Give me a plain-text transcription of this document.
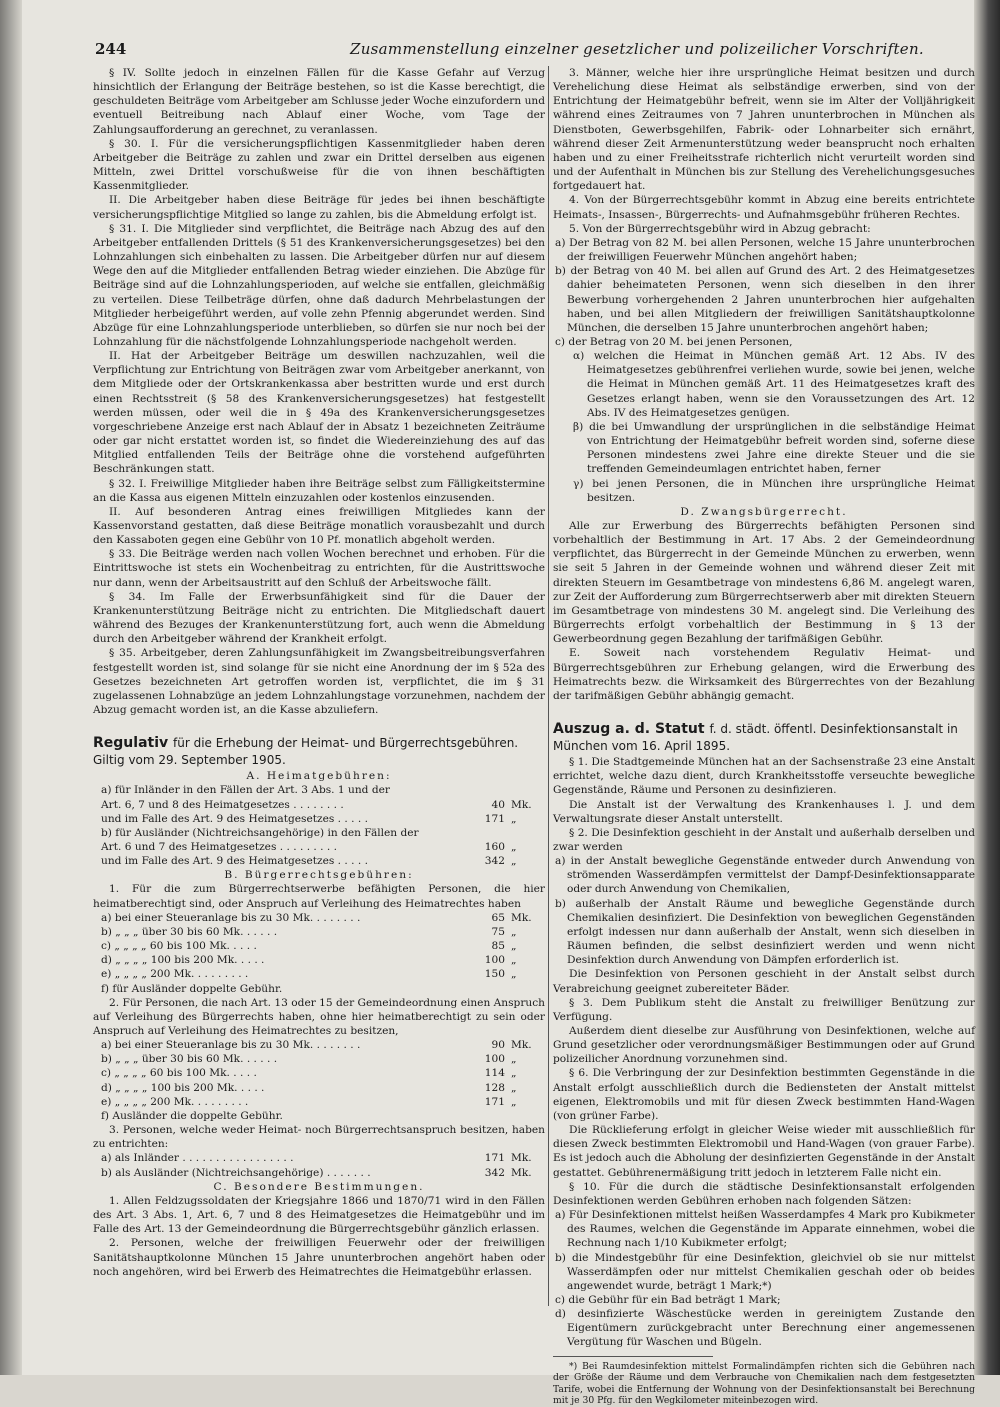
244	Zusammenstellung einzelner gesetzlicher und polizeilicher Vorschriften.

§ IV. Sollte jedoch in einzelnen Fällen für die Kasse Gefahr auf Verzug hinsichtlich der Erlangung der Beiträge bestehen, so ist die Kasse berechtigt, die geschuldeten Beiträge vom Arbeitgeber am Schlusse jeder Woche einzufordern und eventuell Beitreibung nach Ablauf einer Woche, vom Tage der Zahlungsaufforderung an gerechnet, zu veranlassen.

§ 30. I. Für die versicherungspflichtigen Kassenmitglieder haben deren Arbeitgeber die Beiträge zu zahlen und zwar ein Drittel derselben aus eigenen Mitteln, zwei Drittel vorschußweise für die von ihnen beschäftigten Kassenmitglieder.

II. Die Arbeitgeber haben diese Beiträge für jedes bei ihnen beschäftigte versicherungspflichtige Mitglied so lange zu zahlen, bis die Abmeldung erfolgt ist.

§ 31. I. Die Mitglieder sind verpflichtet, die Beiträge nach Abzug des auf den Arbeitgeber entfallenden Drittels (§ 51 des Krankenversicherungsgesetzes) bei den Lohnzahlungen sich einbehalten zu lassen. Die Arbeitgeber dürfen nur auf diesem Wege den auf die Mitglieder entfallenden Betrag wieder einziehen. Die Abzüge für Beiträge sind auf die Lohnzahlungsperioden, auf welche sie entfallen, gleichmäßig zu verteilen. Diese Teilbeträge dürfen, ohne daß dadurch Mehrbelastungen der Mitglieder herbeigeführt werden, auf volle zehn Pfennig abgerundet werden. Sind Abzüge für eine Lohnzahlungsperiode unterblieben, so dürfen sie nur noch bei der Lohnzahlung für die nächstfolgende Lohnzahlungsperiode nachgeholt werden.

II. Hat der Arbeitgeber Beiträge um deswillen nachzuzahlen, weil die Verpflichtung zur Entrichtung von Beiträgen zwar vom Arbeitgeber anerkannt, von dem Mitgliede oder der Ortskrankenkassa aber bestritten wurde und erst durch einen Rechtsstreit (§ 58 des Krankenversicherungsgesetzes) hat festgestellt werden müssen, oder weil die in § 49a des Krankenversicherungsgesetzes vorgeschriebene Anzeige erst nach Ablauf der in Absatz 1 bezeichneten Zeiträume oder gar nicht erstattet worden ist, so findet die Wiedereinziehung des auf das Mitglied entfallenden Teils der Beiträge ohne die vorstehend aufgeführten Beschränkungen statt.

§ 32. I. Freiwillige Mitglieder haben ihre Beiträge selbst zum Fälligkeitstermine an die Kassa aus eigenen Mitteln einzuzahlen oder kostenlos einzusenden.

II. Auf besonderen Antrag eines freiwilligen Mitgliedes kann der Kassenvorstand gestatten, daß diese Beiträge monatlich vorausbezahlt und durch den Kassaboten gegen eine Gebühr von 10 Pf. monatlich abgeholt werden.

§ 33. Die Beiträge werden nach vollen Wochen berechnet und erhoben. Für die Eintrittswoche ist stets ein Wochenbeitrag zu entrichten, für die Austrittswoche nur dann, wenn der Arbeitsaustritt auf den Schluß der Arbeitswoche fällt.

§ 34. Im Falle der Erwerbsunfähigkeit sind für die Dauer der Krankenunterstützung Beiträge nicht zu entrichten. Die Mitgliedschaft dauert während des Bezuges der Krankenunterstützung fort, auch wenn die Abmeldung durch den Arbeitgeber während der Krankheit erfolgt.

§ 35. Arbeitgeber, deren Zahlungsunfähigkeit im Zwangsbeitreibungsverfahren festgestellt worden ist, sind solange für sie nicht eine Anordnung der im § 52a des Gesetzes bezeichneten Art getroffen worden ist, verpflichtet, die im § 31 zugelassenen Lohnabzüge an jedem Lohnzahlungstage vorzunehmen, nachdem der Abzug gemacht worden ist, an die Kasse abzuliefern.

Regulativ für die Erhebung der Heimat- und Bürgerrechtsgebühren.
Giltig vom 29. September 1905.

A. Heimatgebühren:

a) für Inländer in den Fällen der Art. 3 Abs. 1 und der
Art. 6, 7 und 8 des Heimatgesetzes . . . . . . . .	40 Mk.
und im Falle des Art. 9 des Heimatgesetzes . . . . .	171 „
b) für Ausländer (Nichtreichsangehörige) in den Fällen der
Art. 6 und 7 des Heimatgesetzes . . . . . . . . .	160 „
und im Falle des Art. 9 des Heimatgesetzes . . . . .	342 „

B. Bürgerrechtsgebühren:

1. Für die zum Bürgerrechtserwerbe befähigten Personen, die hier heimatberechtigt sind, oder Anspruch auf Verleihung des Heimatrechtes haben

a) bei einer Steueranlage bis zu 30 Mk. . . . . . . .	65 Mk.
b) „ „ „ über 30 bis 60 Mk. . . . . .	75 „
c) „ „ „ „ 60 bis 100 Mk. . . . .	85 „
d) „ „ „ „ 100 bis 200 Mk. . . . .	100 „
e) „ „ „ „ 200 Mk. . . . . . . . .	150 „
f) für Ausländer doppelte Gebühr.

2. Für Personen, die nach Art. 13 oder 15 der Gemeindeordnung einen Anspruch auf Verleihung des Bürgerrechts haben, ohne hier heimatberechtigt zu sein oder Anspruch auf Verleihung des Heimatrechtes zu besitzen,

a) bei einer Steueranlage bis zu 30 Mk. . . . . . . .	90 Mk.
b) „ „ „ über 30 bis 60 Mk. . . . . .	100 „
c) „ „ „ „ 60 bis 100 Mk. . . . .	114 „
d) „ „ „ „ 100 bis 200 Mk. . . . .	128 „
e) „ „ „ „ 200 Mk. . . . . . . . .	171 „
f) Ausländer die doppelte Gebühr.

3. Personen, welche weder Heimat- noch Bürgerrechtsanspruch besitzen, haben zu entrichten:

a) als Inländer . . . . . . . . . . . . . . . . .	171 Mk.
b) als Ausländer (Nichtreichsangehörige) . . . . . . .	342 Mk.

C. Besondere Bestimmungen.

1. Allen Feldzugssoldaten der Kriegsjahre 1866 und 1870/71 wird in den Fällen des Art. 3 Abs. 1, Art. 6, 7 und 8 des Heimatgesetzes die Heimatgebühr und im Falle des Art. 13 der Gemeindeordnung die Bürgerrechtsgebühr gänzlich erlassen.

2. Personen, welche der freiwilligen Feuerwehr oder der freiwilligen Sanitätshauptkolonne München 15 Jahre ununterbrochen angehört haben oder noch angehören, wird bei Erwerb des Heimatrechtes die Heimatgebühr erlassen.

3. Männer, welche hier ihre ursprüngliche Heimat besitzen und durch Verehelichung diese Heimat als selbständige erwerben, sind von der Entrichtung der Heimatgebühr befreit, wenn sie im Alter der Volljährigkeit während eines Zeitraumes von 7 Jahren ununterbrochen in München als Dienstboten, Gewerbsgehilfen, Fabrik- oder Lohnarbeiter sich ernährt, während dieser Zeit Armenunterstützung weder beansprucht noch erhalten haben und zu einer Freiheitsstrafe richterlich nicht verurteilt worden sind und der Aufenthalt in München bis zur Stellung des Verehelichungsgesuches fortgedauert hat.

4. Von der Bürgerrechtsgebühr kommt in Abzug eine bereits entrichtete Heimats-, Insassen-, Bürgerrechts- und Aufnahmsgebühr früheren Rechtes.

5. Von der Bürgerrechtsgebühr wird in Abzug gebracht:

a) Der Betrag von 82 M. bei allen Personen, welche 15 Jahre ununterbrochen der freiwilligen Feuerwehr München angehört haben;

b) der Betrag von 40 M. bei allen auf Grund des Art. 2 des Heimatgesetzes dahier beheimateten Personen, wenn sich dieselben in den ihrer Bewerbung vorhergehenden 2 Jahren ununterbrochen hier aufgehalten haben, und bei allen Mitgliedern der freiwilligen Sanitätshauptkolonne München, die derselben 15 Jahre ununterbrochen angehört haben;

c) der Betrag von 20 M. bei jenen Personen,

α) welchen die Heimat in München gemäß Art. 12 Abs. IV des Heimatgesetzes gebührenfrei verliehen wurde, sowie bei jenen, welche die Heimat in München gemäß Art. 11 des Heimatgesetzes kraft des Gesetzes erlangt haben, wenn sie den Voraussetzungen des Art. 12 Abs. IV des Heimatgesetzes genügen.

β) die bei Umwandlung der ursprünglichen in die selbständige Heimat von Entrichtung der Heimatgebühr befreit worden sind, soferne diese Personen mindestens zwei Jahre eine direkte Steuer und die sie treffenden Gemeindeumlagen entrichtet haben, ferner

γ) bei jenen Personen, die in München ihre ursprüngliche Heimat besitzen.

D. Zwangsbürgerrecht.

Alle zur Erwerbung des Bürgerrechts befähigten Personen sind vorbehaltlich der Bestimmung in Art. 17 Abs. 2 der Gemeindeordnung verpflichtet, das Bürgerrecht in der Gemeinde München zu erwerben, wenn sie seit 5 Jahren in der Gemeinde wohnen und während dieser Zeit mit direkten Steuern im Gesamtbetrage von mindestens 6,86 M. angelegt waren, zur Zeit der Aufforderung zum Bürgerrechtserwerb aber mit direkten Steuern im Gesamtbetrage von mindestens 30 M. angelegt sind. Die Verleihung des Bürgerrechts erfolgt vorbehaltlich der Bestimmung in § 13 der Gewerbeordnung gegen Bezahlung der tarifmäßigen Gebühr.

E. Soweit nach vorstehendem Regulativ Heimat- und Bürgerrechtsgebühren zur Erhebung gelangen, wird die Erwerbung des Heimatrechts bezw. die Wirksamkeit des Bürgerrechtes von der Bezahlung der tarifmäßigen Gebühr abhängig gemacht.

Auszug a. d. Statut f. d. städt. öffentl. Desinfektionsanstalt in München vom 16. April 1895.

§ 1. Die Stadtgemeinde München hat an der Sachsenstraße 23 eine Anstalt errichtet, welche dazu dient, durch Krankheitsstoffe verseuchte bewegliche Gegenstände, Räume und Personen zu desinfizieren.

Die Anstalt ist der Verwaltung des Krankenhauses l. J. und dem Verwaltungsrate dieser Anstalt unterstellt.

§ 2. Die Desinfektion geschieht in der Anstalt und außerhalb derselben und zwar werden

a) in der Anstalt bewegliche Gegenstände entweder durch Anwendung von strömenden Wasserdämpfen vermittelst der Dampf-Desinfektionsapparate oder durch Anwendung von Chemikalien,

b) außerhalb der Anstalt Räume und bewegliche Gegenstände durch Chemikalien desinfiziert. Die Desinfektion von beweglichen Gegenständen erfolgt indessen nur dann außerhalb der Anstalt, wenn sich dieselben in Räumen befinden, die selbst desinfiziert werden und wenn nicht Desinfektion durch Anwendung von Dämpfen erforderlich ist.

Die Desinfektion von Personen geschieht in der Anstalt selbst durch Verabreichung geeignet zubereiteter Bäder.

§ 3. Dem Publikum steht die Anstalt zu freiwilliger Benützung zur Verfügung.

Außerdem dient dieselbe zur Ausführung von Desinfektionen, welche auf Grund gesetzlicher oder verordnungsmäßiger Bestimmungen oder auf Grund polizeilicher Anordnung vorzunehmen sind.

§ 6. Die Verbringung der zur Desinfektion bestimmten Gegenstände in die Anstalt erfolgt ausschließlich durch die Bediensteten der Anstalt mittelst eigenen, Elektromobils und mit für diesen Zweck bestimmten Hand-Wagen (von grüner Farbe).

Die Rücklieferung erfolgt in gleicher Weise wieder mit ausschließlich für diesen Zweck bestimmten Elektromobil und Hand-Wagen (von grauer Farbe). Es ist jedoch auch die Abholung der desinfizierten Gegenstände in der Anstalt gestattet. Gebührenermäßigung tritt jedoch in letzterem Falle nicht ein.

§ 10. Für die durch die städtische Desinfektionsanstalt erfolgenden Desinfektionen werden Gebühren erhoben nach folgenden Sätzen:

a) Für Desinfektionen mittelst heißen Wasserdampfes 4 Mark pro Kubikmeter des Raumes, welchen die Gegenstände im Apparate einnehmen, wobei die Rechnung nach 1/10 Kubikmeter erfolgt;

b) die Mindestgebühr für eine Desinfektion, gleichviel ob sie nur mittelst Wasserdämpfen oder nur mittelst Chemikalien geschah oder ob beides angewendet wurde, beträgt 1 Mark;*)

c) die Gebühr für ein Bad beträgt 1 Mark;

d) desinfizierte Wäschestücke werden in gereinigtem Zustande den Eigentümern zurückgebracht unter Berechnung einer angemessenen Vergütung für Waschen und Bügeln.

*) Bei Raumdesinfektion mittelst Formalindämpfen richten sich die Gebühren nach der Größe der Räume und dem Verbrauche von Chemikalien nach dem festgesetzten Tarife, wobei die Entfernung der Wohnung von der Desinfektionsanstalt bei Berechnung mit je 30 Pfg. für den Wegkilometer miteinbezogen wird.
